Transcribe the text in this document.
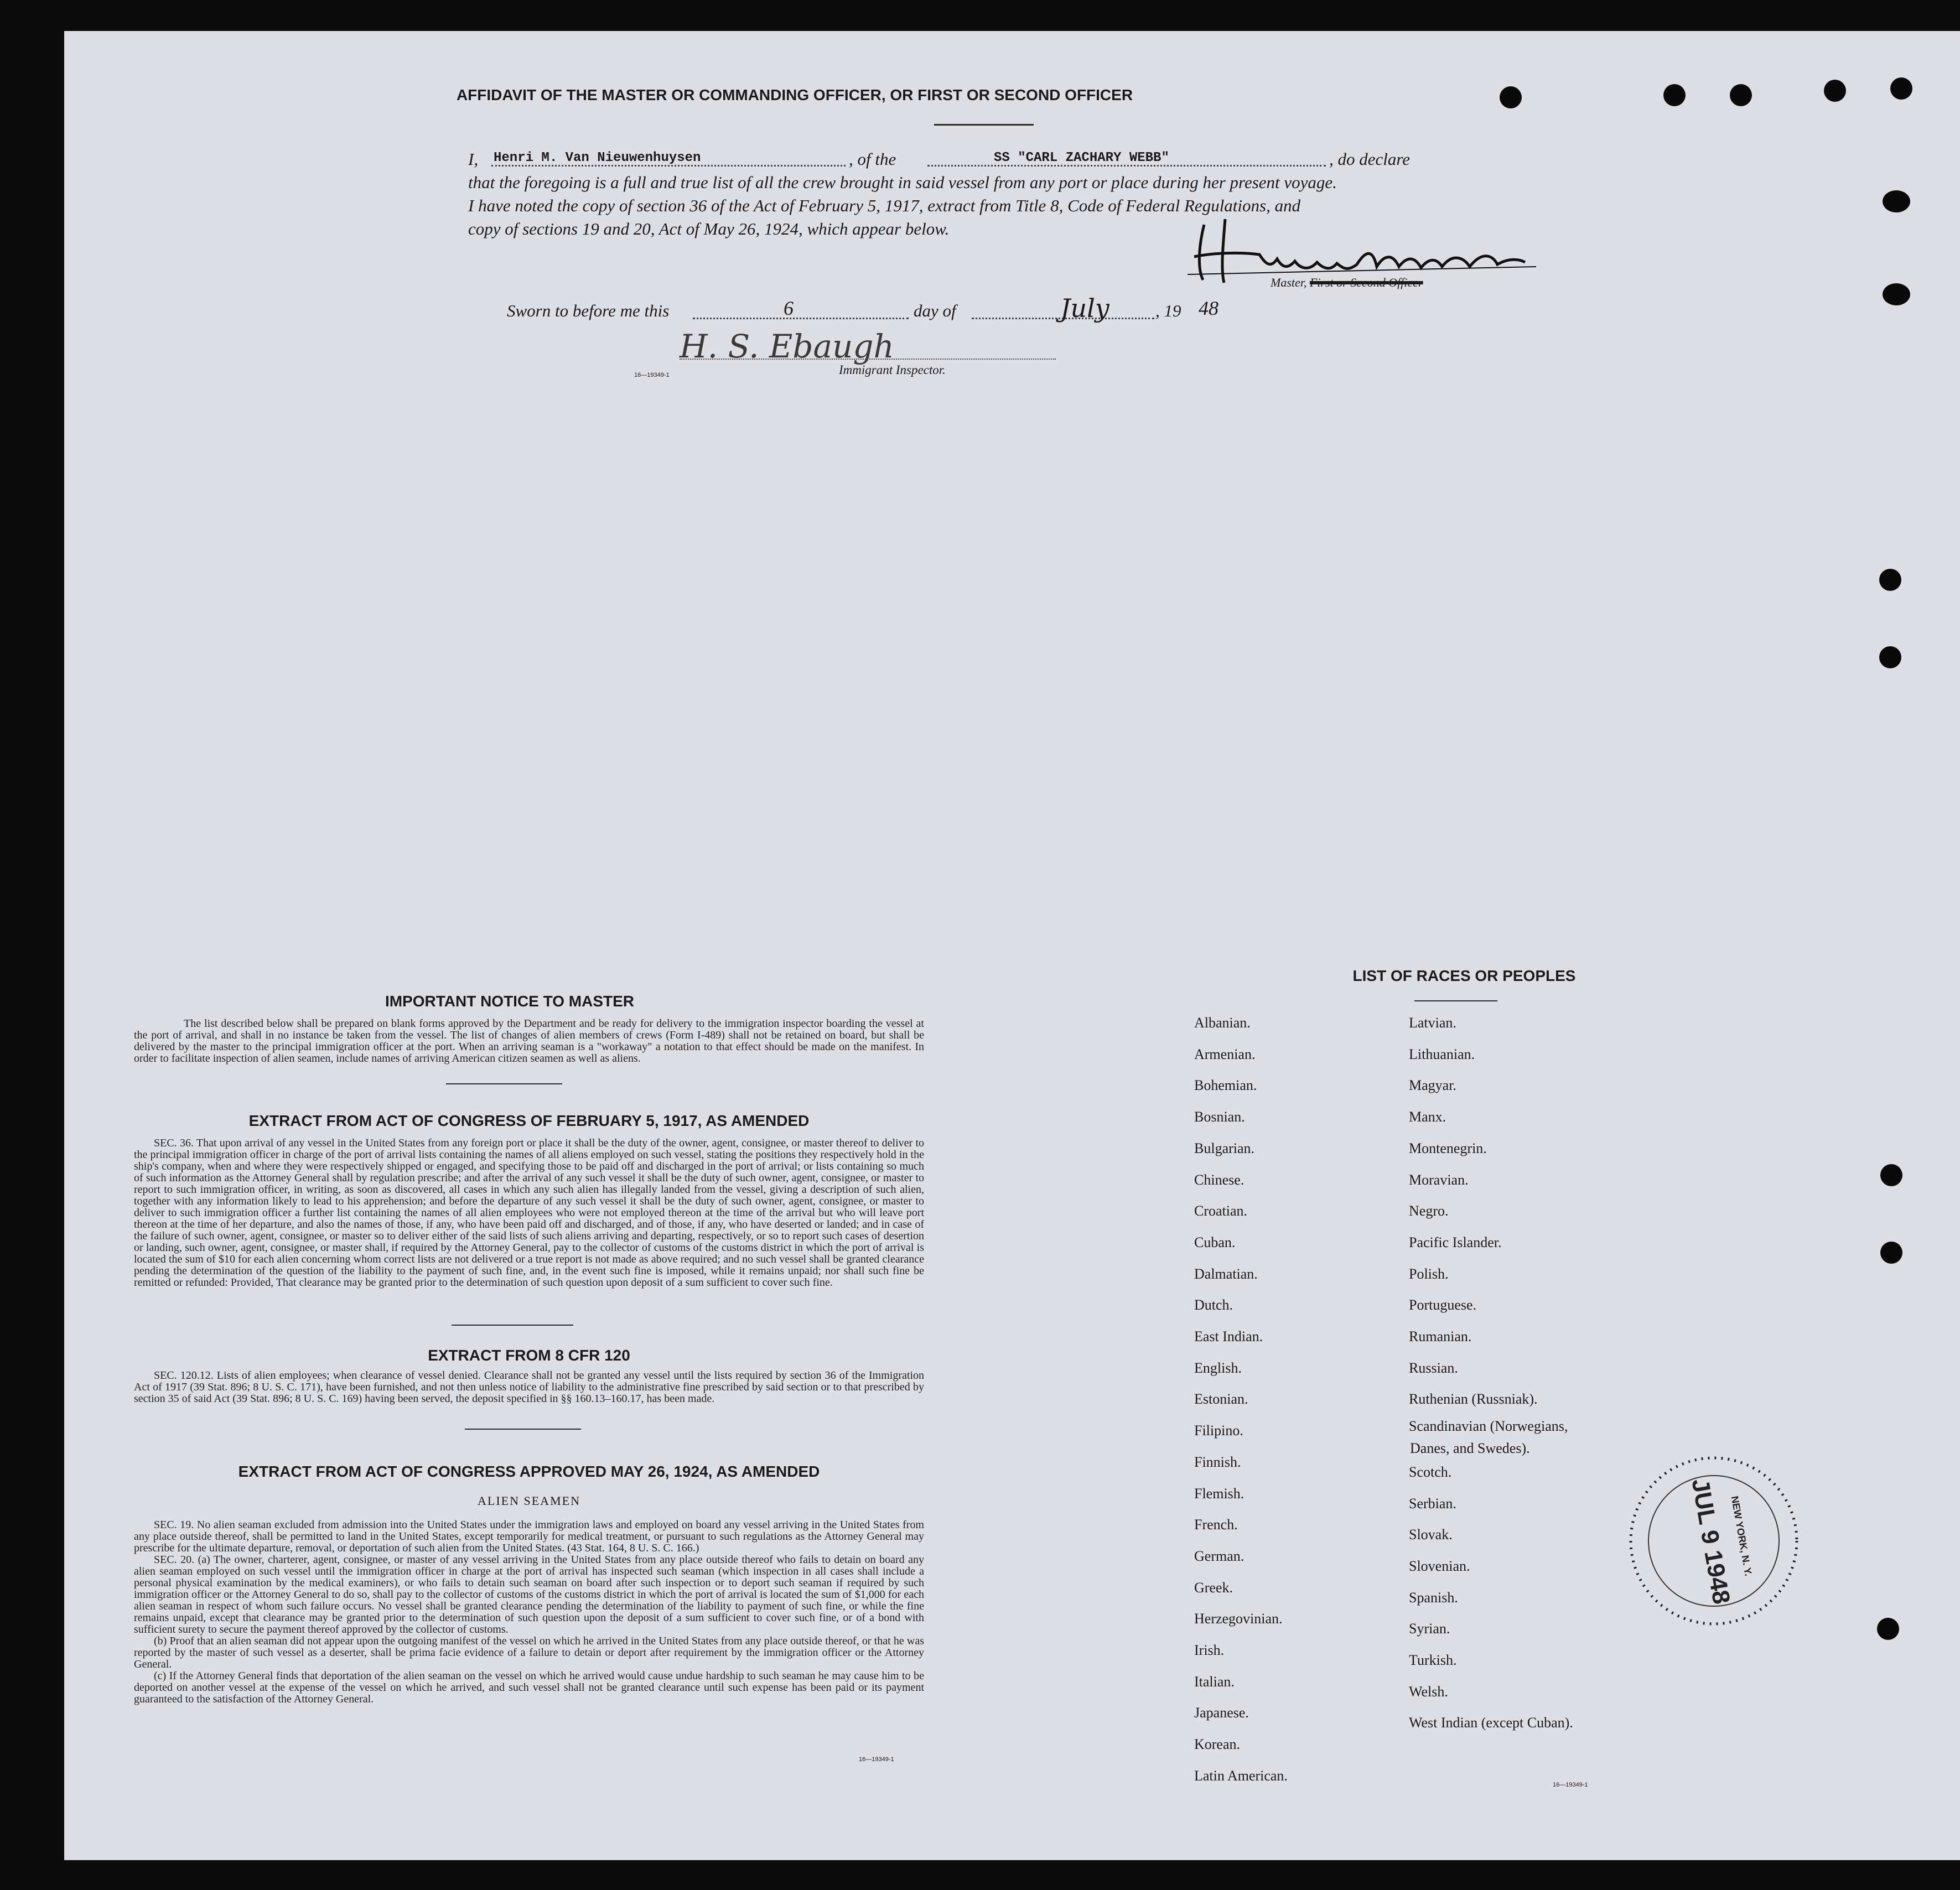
AFFIDAVIT OF THE MASTER OR COMMANDING OFFICER, OR FIRST OR SECOND OFFICER
I, Henri M. Van Nieuwenhuysen	, of the	SS "CARL ZACHARY WEBB"	, do declare
that the foregoing is a full and true list of all the crew brought in said vessel from any port or place during her present voyage.
I have noted the copy of section 36 of the Act of February 5, 1917, extract from Title 8, Code of Federal Regulations, and
copy of sections 19 and 20, Act of May 26, 1924, which appear below.
Master, First or Second Officer
Sworn to before me this	6	day of	July	, 19 48
H. S. Ebaugh
Immigrant Inspector.
16—19349-1
IMPORTANT NOTICE TO MASTER
The list described below shall be prepared on blank forms approved by the Department and be ready for delivery to the immigration inspector boarding the vessel at the port of arrival, and shall in no instance be taken from the vessel. The list of changes of alien members of crews (Form I-489) shall not be retained on board, but shall be delivered by the master to the principal immigration officer at the port. When an arriving seaman is a "workaway" a notation to that effect should be made on the manifest. In order to facilitate inspection of alien seamen, include names of arriving American citizen seamen as well as aliens.
EXTRACT FROM ACT OF CONGRESS OF FEBRUARY 5, 1917, AS AMENDED
SEC. 36. That upon arrival of any vessel in the United States from any foreign port or place it shall be the duty of the owner, agent, consignee, or master thereof to deliver to the principal immigration officer in charge of the port of arrival lists containing the names of all aliens employed on such vessel, stating the positions they respectively hold in the ship's company, when and where they were respectively shipped or engaged, and specifying those to be paid off and discharged in the port of arrival; or lists containing so much of such information as the Attorney General shall by regulation prescribe; and after the arrival of any such vessel it shall be the duty of such owner, agent, consignee, or master to report to such immigration officer, in writing, as soon as discovered, all cases in which any such alien has illegally landed from the vessel, giving a description of such alien, together with any information likely to lead to his apprehension; and before the departure of any such vessel it shall be the duty of such owner, agent, consignee, or master to deliver to such immigration officer a further list containing the names of all alien employees who were not employed thereon at the time of the arrival but who will leave port thereon at the time of her departure, and also the names of those, if any, who have been paid off and discharged, and of those, if any, who have deserted or landed; and in case of the failure of such owner, agent, consignee, or master so to deliver either of the said lists of such aliens arriving and departing, respectively, or so to report such cases of desertion or landing, such owner, agent, consignee, or master shall, if required by the Attorney General, pay to the collector of customs of the customs district in which the port of arrival is located the sum of $10 for each alien concerning whom correct lists are not delivered or a true report is not made as above required; and no such vessel shall be granted clearance pending the determination of the question of the liability to the payment of such fine, and, in the event such fine is imposed, while it remains unpaid; nor shall such fine be remitted or refunded: Provided, That clearance may be granted prior to the determination of such question upon deposit of a sum sufficient to cover such fine.
EXTRACT FROM 8 CFR 120
SEC. 120.12. Lists of alien employees; when clearance of vessel denied. Clearance shall not be granted any vessel until the lists required by section 36 of the Immigration Act of 1917 (39 Stat. 896; 8 U. S. C. 171), have been furnished, and not then unless notice of liability to the administrative fine prescribed by said section or to that prescribed by section 35 of said Act (39 Stat. 896; 8 U. S. C. 169) having been served, the deposit specified in §§ 160.13–160.17, has been made.
EXTRACT FROM ACT OF CONGRESS APPROVED MAY 26, 1924, AS AMENDED
ALIEN SEAMEN
SEC. 19. No alien seaman excluded from admission into the United States under the immigration laws and employed on board any vessel arriving in the United States from any place outside thereof, shall be permitted to land in the United States, except temporarily for medical treatment, or pursuant to such regulations as the Attorney General may prescribe for the ultimate departure, removal, or deportation of such alien from the United States. (43 Stat. 164, 8 U. S. C. 166.)
SEC. 20. (a) The owner, charterer, agent, consignee, or master of any vessel arriving in the United States from any place outside thereof who fails to detain on board any alien seaman employed on such vessel until the immigration officer in charge at the port of arrival has inspected such seaman (which inspection in all cases shall include a personal physical examination by the medical examiners), or who fails to detain such seaman on board after such inspection or to deport such seaman if required by such immigration officer or the Attorney General to do so, shall pay to the collector of customs of the customs district in which the port of arrival is located the sum of $1,000 for each alien seaman in respect of whom such failure occurs. No vessel shall be granted clearance pending the determination of the liability to payment of such fine, or while the fine remains unpaid, except that clearance may be granted prior to the determination of such question upon the deposit of a sum sufficient to cover such fine, or of a bond with sufficient surety to secure the payment thereof approved by the collector of customs.
(b) Proof that an alien seaman did not appear upon the outgoing manifest of the vessel on which he arrived in the United States from any place outside thereof, or that he was reported by the master of such vessel as a deserter, shall be prima facie evidence of a failure to detain or deport after requirement by the immigration officer or the Attorney General.
(c) If the Attorney General finds that deportation of the alien seaman on the vessel on which he arrived would cause undue hardship to such seaman he may cause him to be deported on another vessel at the expense of the vessel on which he arrived, and such vessel shall not be granted clearance until such expense has been paid or its payment guaranteed to the satisfaction of the Attorney General.
16—19349-1
LIST OF RACES OR PEOPLES
16—19349-1
JUL 9 1948
NEW YORK, N. Y.
Albanian.
Armenian.
Bohemian.
Bosnian.
Bulgarian.
Chinese.
Croatian.
Cuban.
Dalmatian.
Dutch.
East Indian.
English.
Estonian.
Filipino.
Finnish.
Flemish.
French.
German.
Greek.
Herzegovinian.
Irish.
Italian.
Japanese.
Korean.
Latin American.
Latvian.
Lithuanian.
Magyar.
Manx.
Montenegrin.
Moravian.
Negro.
Pacific Islander.
Polish.
Portuguese.
Rumanian.
Russian.
Ruthenian (Russniak).
Scandinavian (Norwegians,
Danes, and Swedes).
Scotch.
Serbian.
Slovak.
Slovenian.
Spanish.
Syrian.
Turkish.
Welsh.
West Indian (except Cuban).
